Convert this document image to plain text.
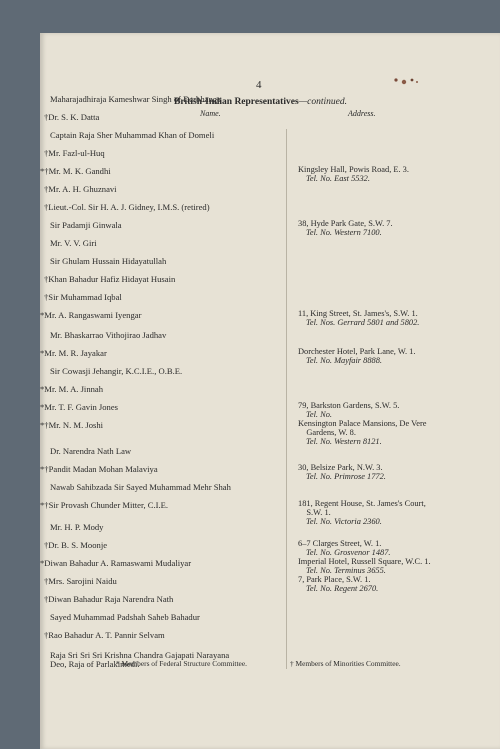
4
British-Indian Representatives—continued.
Name.	Address.
Maharajadhiraja Kameshwar Singh of Darbhanga
†Dr. S. K. Datta
Captain Raja Sher Muhammad Khan of Domeli
†Mr. Fazl-ul-Huq
*†Mr. M. K. Gandhi	Kingsley Hall, Powis Road, E. 3.
Tel. No. East 5532.
†Mr. A. H. Ghuznavi
†Lieut.-Col. Sir H. A. J. Gidney, I.M.S. (retired)
Sir Padamji Ginwala	38, Hyde Park Gate, S.W. 7.
Tel. No. Western 7100.
Mr. V. V. Giri
Sir Ghulam Hussain Hidayatullah
†Khan Bahadur Hafiz Hidayat Husain
†Sir Muhammad Iqbal
*Mr. A. Rangaswami Iyengar	11, King Street, St. James's, S.W. 1.
Tel. Nos. Gerrard 5801 and 5802.
Mr. Bhaskarrao Vithojirao Jadhav
*Mr. M. R. Jayakar	Dorchester Hotel, Park Lane, W. 1.
Tel. No. Mayfair 8888.
Sir Cowasji Jehangir, K.C.I.E., O.B.E.
*Mr. M. A. Jinnah
*Mr. T. F. Gavin Jones	79, Barkston Gardens, S.W. 5.
Tel. No.
*†Mr. N. M. Joshi	Kensington Palace Mansions, De Vere
Gardens, W. 8.
Tel. No. Western 8121.
Dr. Narendra Nath Law
*†Pandit Madan Mohan Malaviya	30, Belsize Park, N.W. 3.
Tel. No. Primrose 1772.
Nawab Sahibzada Sir Sayed Muhammad Mehr Shah
*†Sir Provash Chunder Mitter, C.I.E.	181, Regent House, St. James's Court,
S.W. 1.
Tel. No. Victoria 2360.
Mr. H. P. Mody
†Dr. B. S. Moonje	6–7 Clarges Street, W. 1.
Tel. No. Grosvenor 1487.
*Diwan Bahadur A. Ramaswami Mudaliyar	Imperial Hotel, Russell Square, W.C. 1.
Tel. No. Terminus 3655.
†Mrs. Sarojini Naidu	7, Park Place, S.W. 1.
Tel. No. Regent 2670.
†Diwan Bahadur Raja Narendra Nath
Sayed Muhammad Padshah Saheb Bahadur
†Rao Bahadur A. T. Pannir Selvam
Raja Sri Sri Sri Krishna Chandra Gajapati Narayana
Deo, Raja of Parlakimedi.
* Members of Federal Structure Committee.	† Members of Minorities Committee.
